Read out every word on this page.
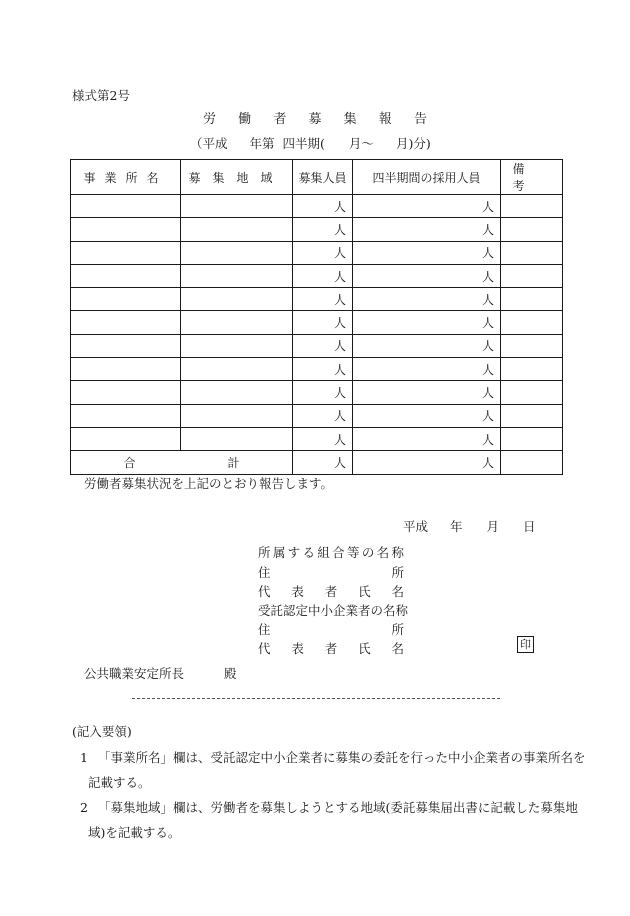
様式第2号
労 働 者 募 集 報 告
（平成 年第 四半期( 月～ 月)分)
事業所名	募集地域	募集人員	四半期間の採用人員	備考
		人	人	
		人	人	
		人	人	
		人	人	
		人	人	
		人	人	
		人	人	
		人	人	
		人	人	
		人	人	
		人	人	
合 計		人	人	
労働者募集状況を上記のとおり報告します。
平成 年 月 日
所属する組合等の名称
住所
代表者氏名
受託認定中小企業者の名称
住所
代表者氏名	印
公共職業安定所長	殿
(記入要領)
1 「事業所名」欄は、受託認定中小企業者に募集の委託を行った中小企業者の事業所名を
記載する。
2 「募集地域」欄は、労働者を募集しようとする地域(委託募集届出書に記載した募集地
域)を記載する。
